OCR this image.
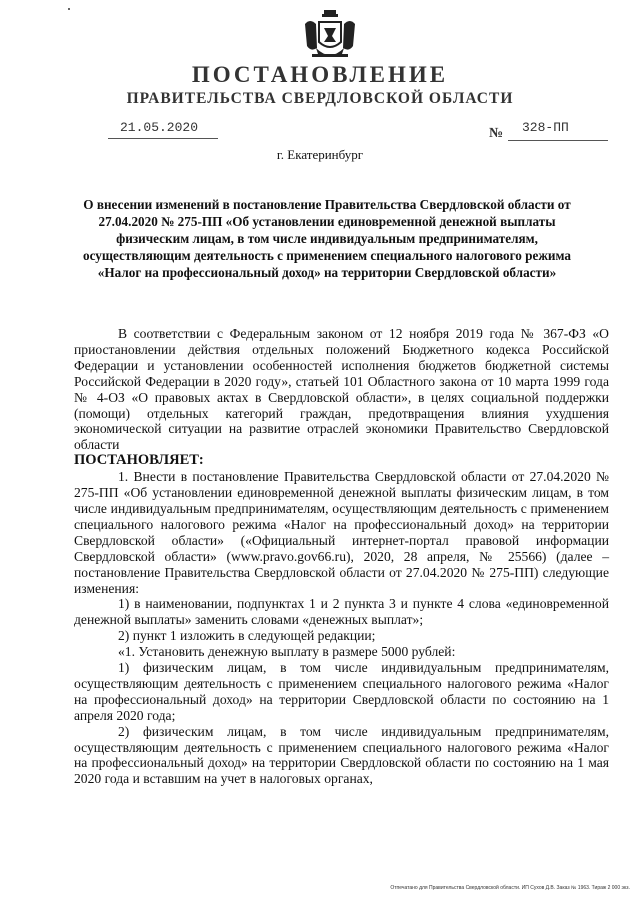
ПОСТАНОВЛЕНИЕ
ПРАВИТЕЛЬСТВА СВЕРДЛОВСКОЙ ОБЛАСТИ
21.05.2020	№ 328-ПП
г. Екатеринбург
О внесении изменений в постановление Правительства Свердловской области от 27.04.2020 № 275-ПП «Об установлении единовременной денежной выплаты физическим лицам, в том числе индивидуальным предпринимателям, осуществляющим деятельность с применением специального налогового режима «Налог на профессиональный доход» на территории Свердловской области»

В соответствии с Федеральным законом от 12 ноября 2019 года № 367-ФЗ «О приостановлении действия отдельных положений Бюджетного кодекса Российской Федерации и установлении особенностей исполнения бюджетов бюджетной системы Российской Федерации в 2020 году», статьей 101 Областного закона от 10 марта 1999 года № 4-ОЗ «О правовых актах в Свердловской области», в целях социальной поддержки (помощи) отдельных категорий граждан, предотвращения влияния ухудшения экономической ситуации на развитие отраслей экономики Правительство Свердловской области

ПОСТАНОВЛЯЕТ:

1. Внести в постановление Правительства Свердловской области от 27.04.2020 № 275-ПП «Об установлении единовременной денежной выплаты физическим лицам, в том числе индивидуальным предпринимателям, осуществляющим деятельность с применением специального налогового режима «Налог на профессиональный доход» на территории Свердловской области» («Официальный интернет-портал правовой информации Свердловской области» (www.pravo.gov66.ru), 2020, 28 апреля, № 25566) (далее – постановление Правительства Свердловской области от 27.04.2020 № 275-ПП) следующие изменения:

1) в наименовании, подпунктах 1 и 2 пункта 3 и пункте 4 слова «единовременной денежной выплаты» заменить словами «денежных выплат»;

2) пункт 1 изложить в следующей редакции;

«1. Установить денежную выплату в размере 5000 рублей:

1) физическим лицам, в том числе индивидуальным предпринимателям, осуществляющим деятельность с применением специального налогового режима «Налог на профессиональный доход» на территории Свердловской области по состоянию на 1 апреля 2020 года;

2) физическим лицам, в том числе индивидуальным предпринимателям, осуществляющим деятельность с применением специального налогового режима «Налог на профессиональный доход» на территории Свердловской области по состоянию на 1 мая 2020 года и вставшим на учет в налоговых органах,

Отпечатано для Правительства Свердловской области. ИП Сухов Д.В. Заказ № 1963. Тираж 2 000 экз.
